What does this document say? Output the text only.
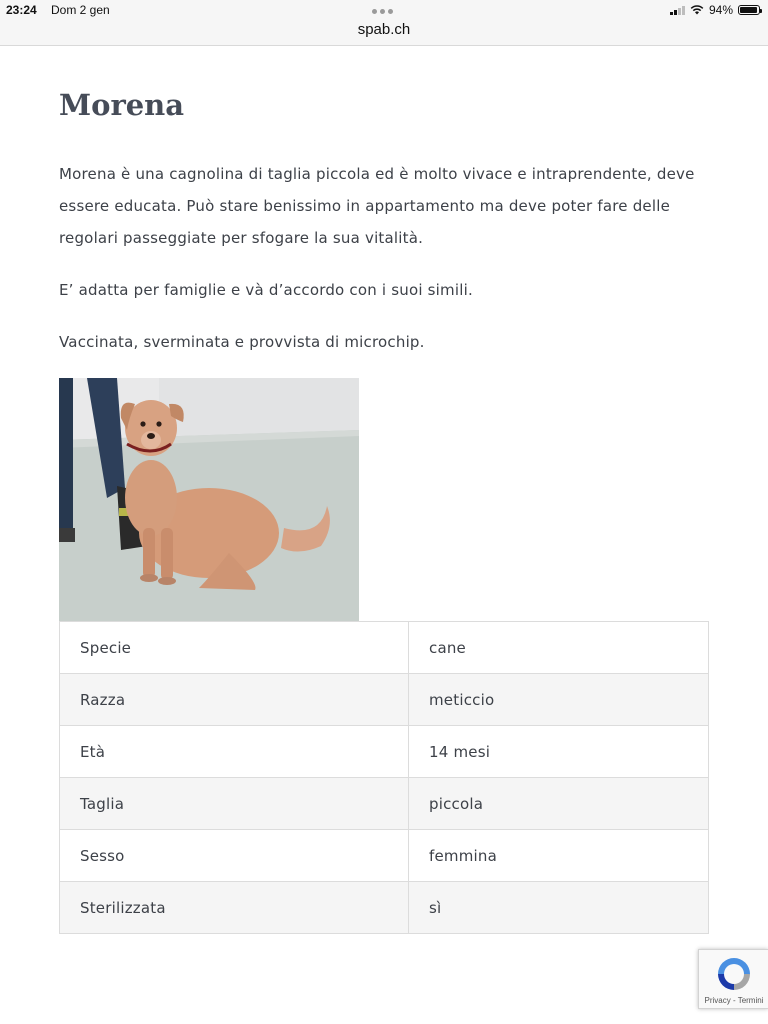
23:24 Dom 2 gen
spab.ch
94%
Morena

Morena è una cagnolina di taglia piccola ed è molto vivace e intraprendente, deve essere educata. Può stare benissimo in appartamento ma deve poter fare delle regolari passeggiate per sfogare la sua vitalità.

E’ adatta per famiglie e và d’accordo con i suoi simili.

Vaccinata, sverminata e provvista di microchip.

Specie	cane
Razza	meticcio
Età	14 mesi
Taglia	piccola
Sesso	femmina
Sterilizzata	sì
Privacy - Termini
